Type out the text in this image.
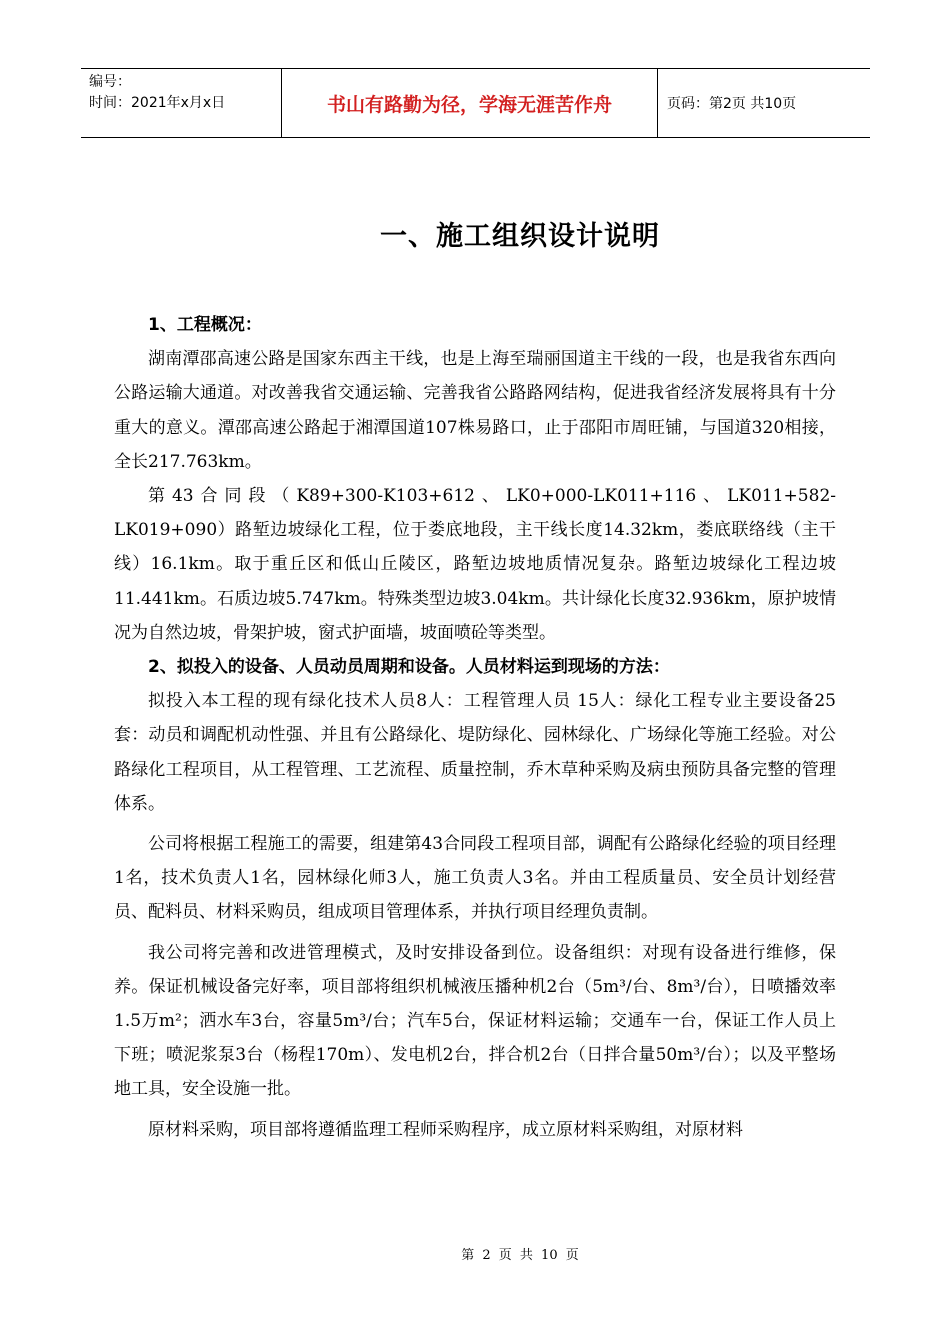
编号：
时间：2021年x月x日	书山有路勤为径，学海无涯苦作舟	页码：第2页 共10页
一、施工组织设计说明
1、工程概况：

湖南潭邵高速公路是国家东西主干线，也是上海至瑞丽国道主干线的一段，也是我省东西向公路运输大通道。对改善我省交通运输、完善我省公路路网结构，促进我省经济发展将具有十分重大的意义。潭邵高速公路起于湘潭国道107株易路口，止于邵阳市周旺铺，与国道320相接，全长217.763km。

第43合同段（K89+300-K103+612、LK0+000-LK011+116、LK011+582-LK019+090）路堑边坡绿化工程，位于娄底地段，主干线长度14.32km，娄底联络线（主干线）16.1km。取于重丘区和低山丘陵区，路堑边坡地质情况复杂。路堑边坡绿化工程边坡11.441km。石质边坡5.747km。特殊类型边坡3.04km。共计绿化长度32.936km，原护坡情况为自然边坡，骨架护坡，窗式护面墙，坡面喷砼等类型。

2、拟投入的设备、人员动员周期和设备。人员材料运到现场的方法：

拟投入本工程的现有绿化技术人员8人：工程管理人员 15人：绿化工程专业主要设备25套：动员和调配机动性强、并且有公路绿化、堤防绿化、园林绿化、广场绿化等施工经验。对公路绿化工程项目，从工程管理、工艺流程、质量控制，乔木草种采购及病虫预防具备完整的管理体系。

公司将根据工程施工的需要，组建第43合同段工程项目部，调配有公路绿化经验的项目经理1名，技术负责人1名，园林绿化师3人，施工负责人3名。并由工程质量员、安全员计划经营员、配料员、材料采购员，组成项目管理体系，并执行项目经理负责制。

我公司将完善和改进管理模式，及时安排设备到位。设备组织：对现有设备进行维修，保养。保证机械设备完好率，项目部将组织机械液压播种机2台（5m³/台、8m³/台），日喷播效率1.5万m²；洒水车3台，容量5m³/台；汽车5台，保证材料运输；交通车一台，保证工作人员上下班；喷泥浆泵3台（杨程170m）、发电机2台，拌合机2台（日拌合量50m³/台）；以及平整场地工具，安全设施一批。

原材料采购，项目部将遵循监理工程师采购程序，成立原材料采购组，对原材料

第 2 页 共 10 页
